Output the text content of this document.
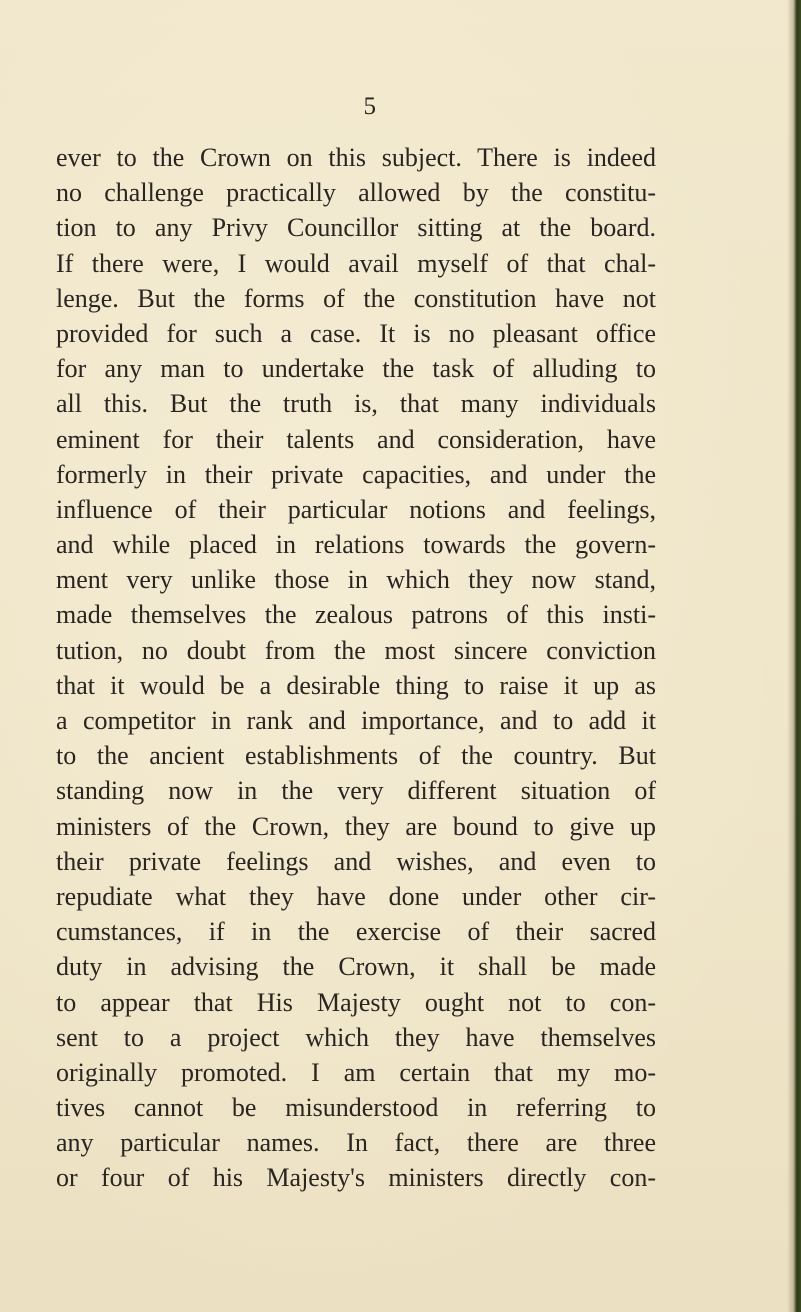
5
ever to the Crown on this subject. There is indeed
no challenge practically allowed by the constitu-
tion to any Privy Councillor sitting at the board.
If there were, I would avail myself of that chal-
lenge. But the forms of the constitution have not
provided for such a case. It is no pleasant office
for any man to undertake the task of alluding to
all this. But the truth is, that many individuals
eminent for their talents and consideration, have
formerly in their private capacities, and under the
influence of their particular notions and feelings,
and while placed in relations towards the govern-
ment very unlike those in which they now stand,
made themselves the zealous patrons of this insti-
tution, no doubt from the most sincere conviction
that it would be a desirable thing to raise it up as
a competitor in rank and importance, and to add it
to the ancient establishments of the country. But
standing now in the very different situation of
ministers of the Crown, they are bound to give up
their private feelings and wishes, and even to
repudiate what they have done under other cir-
cumstances, if in the exercise of their sacred
duty in advising the Crown, it shall be made
to appear that His Majesty ought not to con-
sent to a project which they have themselves
originally promoted. I am certain that my mo-
tives cannot be misunderstood in referring to
any particular names. In fact, there are three
or four of his Majesty's ministers directly con-
